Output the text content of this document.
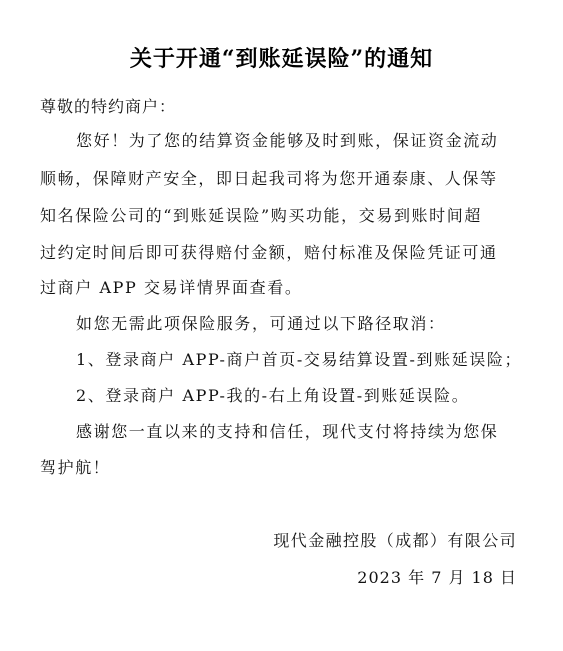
关于开通“到账延误险”的通知
尊敬的特约商户：
您好！为了您的结算资金能够及时到账，保证资金流动
顺畅，保障财产安全，即日起我司将为您开通泰康、人保等
知名保险公司的“到账延误险”购买功能，交易到账时间超
过约定时间后即可获得赔付金额，赔付标准及保险凭证可通
过商户 APP 交易详情界面查看。
如您无需此项保险服务，可通过以下路径取消：
1、登录商户 APP-商户首页-交易结算设置-到账延误险；
2、登录商户 APP-我的-右上角设置-到账延误险。
感谢您一直以来的支持和信任，现代支付将持续为您保
驾护航！
现代金融控股（成都）有限公司
2023 年 7 月 18 日
